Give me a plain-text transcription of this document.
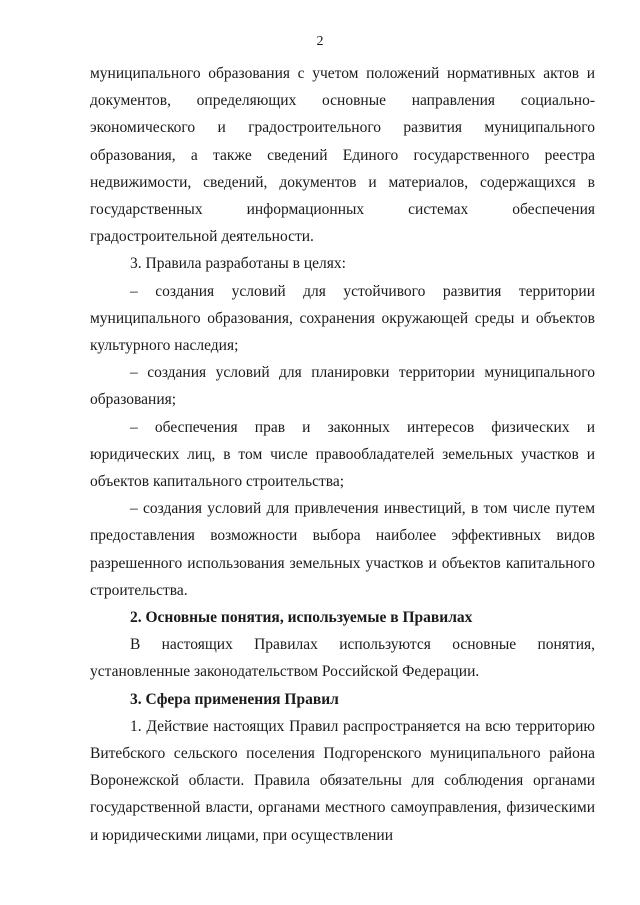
2

муниципального образования с учетом положений нормативных актов и документов, определяющих основные направления социально-экономического и градостроительного развития муниципального образования, а также сведений Единого государственного реестра недвижимости, сведений, документов и материалов, содержащихся в государственных информационных системах обеспечения градостроительной деятельности.

3. Правила разработаны в целях:

– создания условий для устойчивого развития территории муниципального образования, сохранения окружающей среды и объектов культурного наследия;

– создания условий для планировки территории муниципального образования;

– обеспечения прав и законных интересов физических и юридических лиц, в том числе правообладателей земельных участков и объектов капитального строительства;

– создания условий для привлечения инвестиций, в том числе путем предоставления возможности выбора наиболее эффективных видов разрешенного использования земельных участков и объектов капитального строительства.

2. Основные понятия, используемые в Правилах

В настоящих Правилах используются основные понятия, установленные законодательством Российской Федерации.

3. Сфера применения Правил

1. Действие настоящих Правил распространяется на всю территорию Витебского сельского поселения Подгоренского муниципального района Воронежской области. Правила обязательны для соблюдения органами государственной власти, органами местного самоуправления, физическими и юридическими лицами, при осуществлении
